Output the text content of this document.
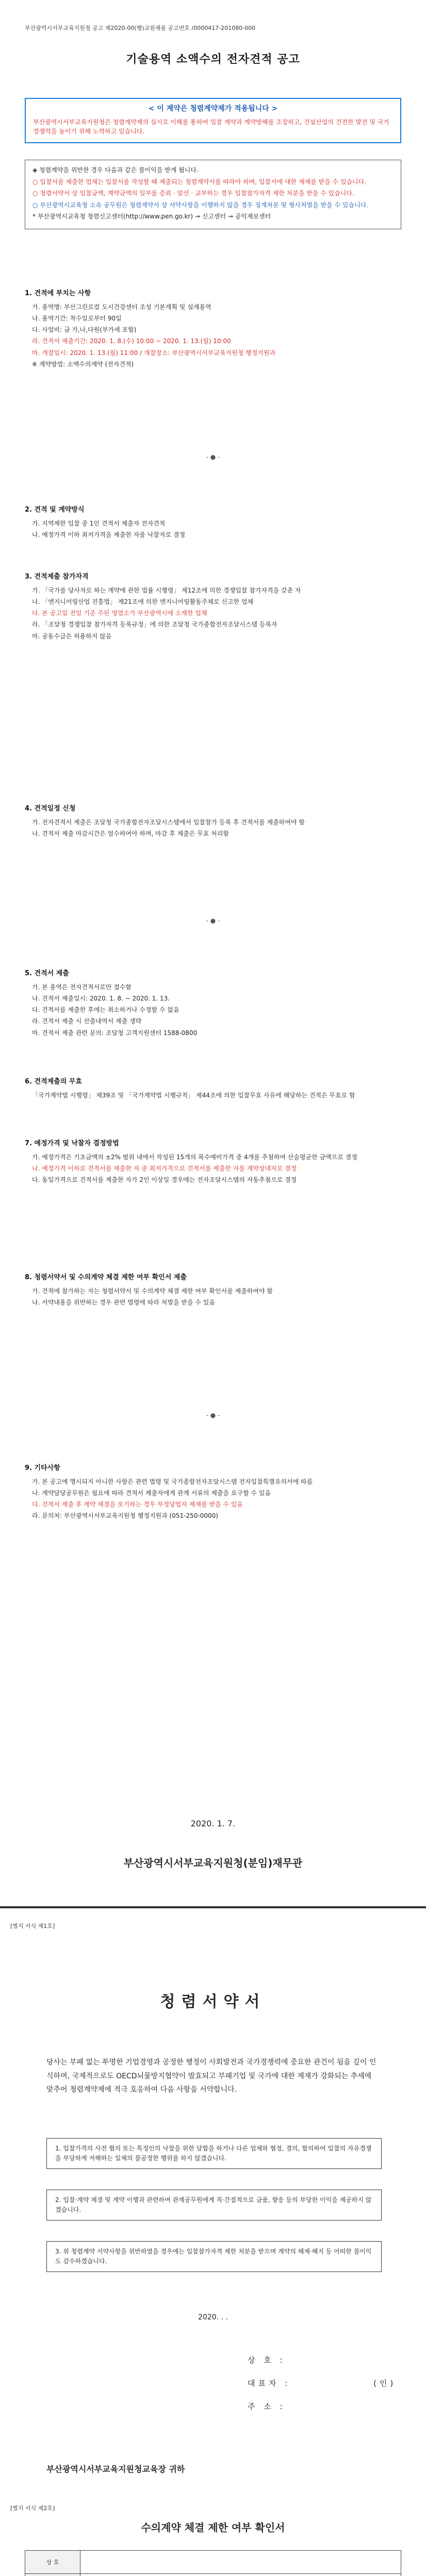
부산광역시서부교육지원청 공고 제2020-00(행)교원채용 공고번호 /0000417-201080-000
기술용역 소액수의 전자견적 공고
< 이 계약은 청렴계약제가 적용됩니다 >
부산광역시서부교육지원청은 청렴계약제의 실시로 이해를 통하여 입찰 계약과 계약방해를 조장하고, 건설산업의 건전한 발전 및 국가경쟁력을 높이기 위해 노력하고 있습니다.

◈ 청렴계약을 위반한 경우 다음과 같은 불이익을 받게 됩니다.

○ 입찰서를 제출한 업체는 입찰서를 작성할 때 제출되는 청렴계약서를 따라야 하며, 입찰서에 대한 제재를 받을 수 있습니다.

○ 청렴서약서 상 입찰금액, 계약금액의 일부를 증뢰 · 알선 · 교부하는 경우 입찰참가자격 제한 처분을 받을 수 있습니다.

○ 부산광역시교육청 소속 공무원은 청렴계약서 상 서약사항을 이행하지 않을 경우 징계처분 및 형사처벌을 받을 수 있습니다.

* 부산광역시교육청 청렴신고센터(http://www.pen.go.kr) → 신고센터 → 공익제보센터

1. 견적에 부치는 사항
가. 용역명: 부산그린로컬 도시건강센터 조성 기본계획 및 설계용역
나. 용역기간: 착수일로부터 90일
다. 사업비: 금 가,나,다원(부가세 포함)
라. 견적서 제출기간: 2020. 1. 8.(수) 10:00 ~ 2020. 1. 13.(월) 10:00
마. 개찰일시: 2020. 1. 13.(월) 11:00 / 개찰장소: 부산광역시서부교육지원청 행정지원과
※ 계약방법: 소액수의계약 (전자견적)
- ● -
2. 견적 및 계약방식
가. 지역제한 입찰 중 1인 견적서 제출자 전자견적
나. 예정가격 이하 최저가격을 제출한 자를 낙찰자로 결정
3. 견적제출 참가자격
가. 「국가를 당사자로 하는 계약에 관한 법률 시행령」 제12조에 의한 경쟁입찰 참가자격을 갖춘 자
나. 「엔지니어링산업 진흥법」 제21조에 의한 엔지니어링활동주체로 신고한 업체
다. 본 공고일 전일 기준 주된 영업소가 부산광역시에 소재한 업체
라. 「조달청 경쟁입찰 참가자격 등록규정」에 의한 조달청 국가종합전자조달시스템 등록자
마. 공동수급은 허용하지 않음
4. 견적일정 신청
가. 전자견적서 제출은 조달청 국가종합전자조달시스템에서 입찰참가 등록 후 견적서를 제출하여야 함
나. 견적서 제출 마감시간은 엄수하여야 하며, 마감 후 제출은 무효 처리함
- ● -
5. 견적서 제출
가. 본 용역은 전자견적서로만 접수함
나. 견적서 제출일시: 2020. 1. 8. ~ 2020. 1. 13.
다. 견적서를 제출한 후에는 취소하거나 수정할 수 없음
라. 견적서 제출 시 산출내역서 제출 생략
마. 견적서 제출 관련 문의: 조달청 고객지원센터 1588-0800
6. 견적제출의 무효
「국가계약법 시행령」 제39조 및 「국가계약법 시행규칙」 제44조에 의한 입찰무효 사유에 해당하는 견적은 무효로 함
7. 예정가격 및 낙찰자 결정방법
가. 예정가격은 기초금액의 ±2% 범위 내에서 작성된 15개의 복수예비가격 중 4개를 추첨하여 산술평균한 금액으로 결정
나. 예정가격 이하로 견적서를 제출한 자 중 최저가격으로 견적서를 제출한 자를 계약상대자로 결정
다. 동일가격으로 견적서를 제출한 자가 2인 이상일 경우에는 전자조달시스템의 자동추첨으로 결정
8. 청렴서약서 및 수의계약 체결 제한 여부 확인서 제출
가. 견적에 참가하는 자는 청렴서약서 및 수의계약 체결 제한 여부 확인서를 제출하여야 함
나. 서약내용을 위반하는 경우 관련 법령에 따라 처벌을 받을 수 있음
- ● -
9. 기타사항
가. 본 공고에 명시되지 아니한 사항은 관련 법령 및 국가종합전자조달시스템 전자입찰특별유의서에 따름
나. 계약담당공무원은 필요에 따라 견적서 제출자에게 관계 서류의 제출을 요구할 수 있음
다. 견적서 제출 후 계약 체결을 포기하는 경우 부정당업자 제재를 받을 수 있음
라. 문의처: 부산광역시서부교육지원청 행정지원과 (051-250-0000)
2020. 1. 7.
부산광역시서부교육지원청(분임)재무관
[별지 서식 제1호]
청렴서약서
당사는 부패 없는 투명한 기업경영과 공정한 행정이 사회발전과 국가경쟁력에 중요한 관건이 됨을 깊이 인식하며, 국제적으로도 OECD뇌물방지협약이 발효되고 부패기업 및 국가에 대한 제재가 강화되는 추세에 맞추어 청렴계약제에 적극 호응하여 다음 사항을 서약합니다.
1. 입찰가격의 사전 협의 또는 특정인의 낙찰을 위한 담합을 하거나 다른 업체와 협정, 결의, 합의하여 입찰의 자유경쟁을 부당하게 저해하는 일체의 불공정한 행위를 하지 않겠습니다.
2. 입찰·계약 체결 및 계약 이행과 관련하여 관계공무원에게 직·간접적으로 금품, 향응 등의 부당한 이익을 제공하지 않겠습니다.
3. 위 청렴계약 서약사항을 위반하였을 경우에는 입찰참가자격 제한 처분을 받으며 계약의 해제·해지 등 어떠한 불이익도 감수하겠습니다.
2020. . .
상 호 :
대표자 :	(인)
주 소 :
부산광역시서부교육지원청교육장 귀하
[별지 서식 제2호]
수의계약 체결 제한 여부 확인서
상 호	
